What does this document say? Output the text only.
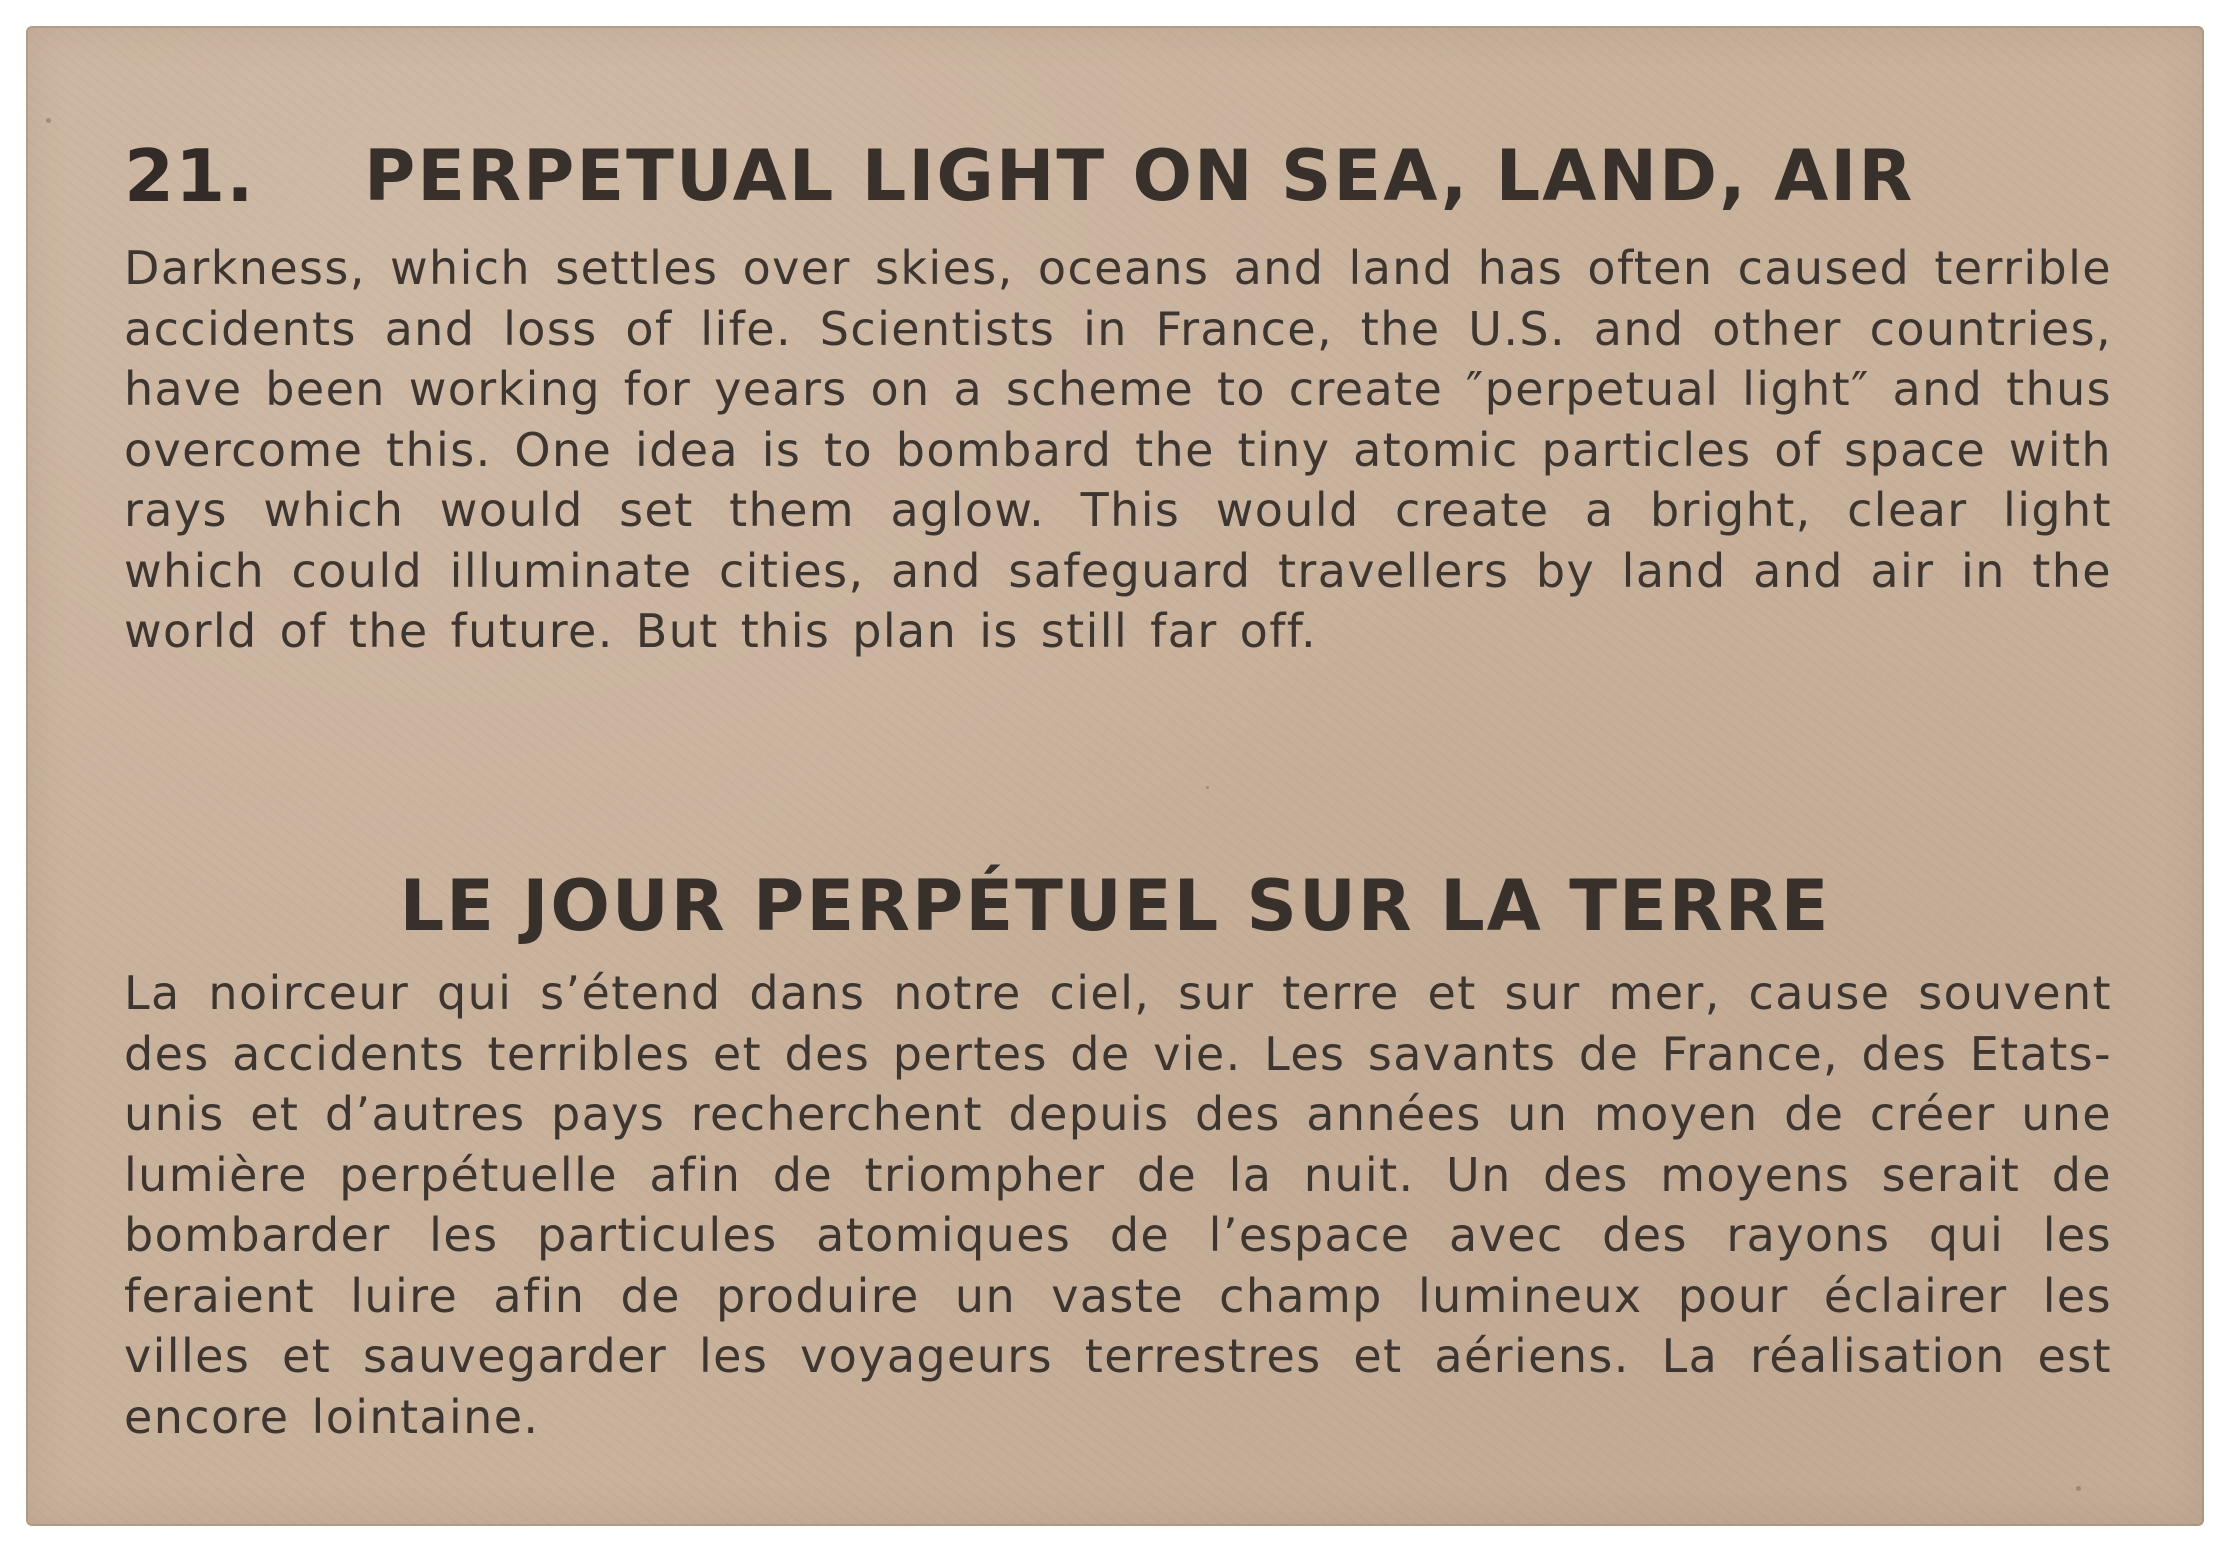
21. PERPETUAL LIGHT ON SEA, LAND, AIR

Darkness, which settles over skies, oceans and land has often caused terrible accidents and loss of life. Scientists in France, the U.S. and other countries, have been working for years on a scheme to create ″perpetual light″ and thus overcome this. One idea is to bombard the tiny atomic particles of space with rays which would set them aglow. This would create a bright, clear light which could illuminate cities, and safeguard travellers by land and air in the world of the future. But this plan is still far off.

LE JOUR PERPÉTUEL SUR LA TERRE

La noirceur qui s’étend dans notre ciel, sur terre et sur mer, cause souvent des accidents terribles et des pertes de vie. Les savants de France, des Etats-unis et d’autres pays recherchent depuis des années un moyen de créer une lumière perpétuelle afin de triompher de la nuit. Un des moyens serait de bombarder les particules atomiques de l’espace avec des rayons qui les feraient luire afin de produire un vaste champ lumineux pour éclairer les villes et sauvegarder les voyageurs terrestres et aériens. La réalisation est encore lointaine.
